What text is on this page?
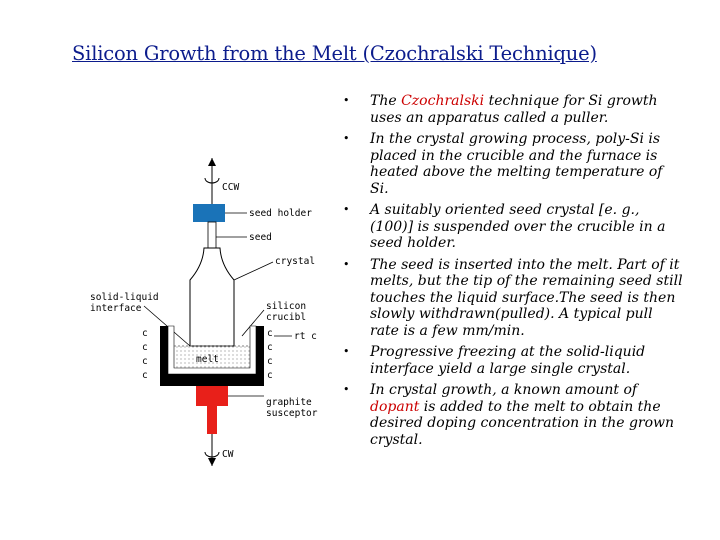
Silicon Growth from the Melt (Czochralski Technique)
CCW
seed holder
seed
crystal
solid-liquid
interface	silicon
crucibl
melt
c
c
c
c
c
c
c
c
rt c
graphite
susceptor
CW
• The Czochralski technique for Si growth uses an apparatus called a puller.
• In the crystal growing process, poly-Si is placed in the crucible and the furnace is heated above the melting temperature of Si.
• A suitably oriented seed crystal [e. g., (100)] is suspended over the crucible in a seed holder.
• The seed is inserted into the melt. Part of it melts, but the tip of the remaining seed still touches the liquid surface.The seed is then slowly withdrawn(pulled). A typical pull rate is a few mm/min.
• Progressive freezing at the solid-liquid interface yield a large single crystal.
• In crystal growth, a known amount of dopant is added to the melt to obtain the desired doping concentration in the grown crystal.
